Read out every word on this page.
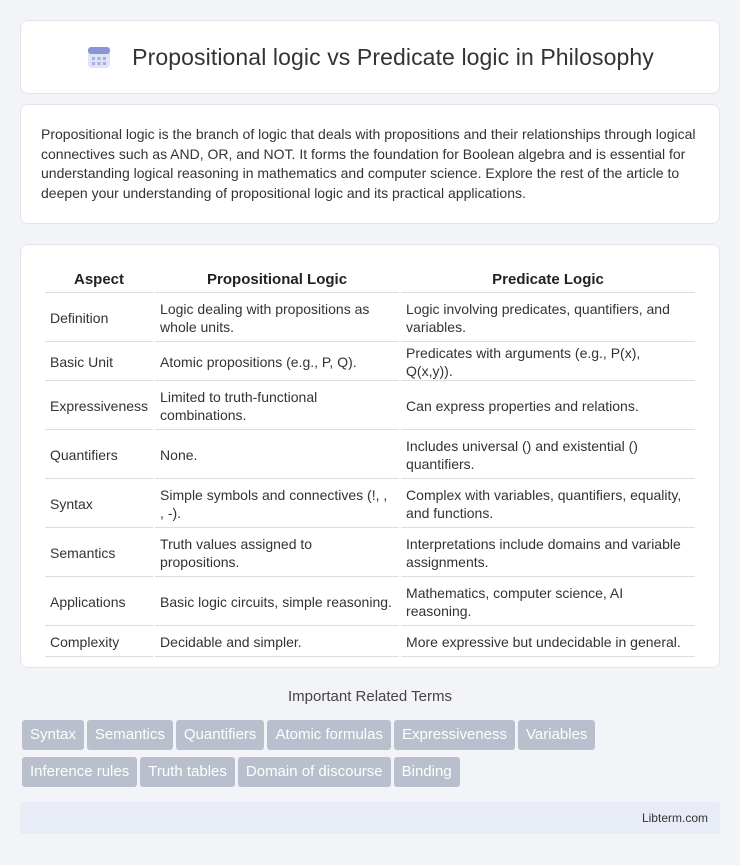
Propositional logic vs Predicate logic in Philosophy

Propositional logic is the branch of logic that deals with propositions and their relationships through logical connectives such as AND, OR, and NOT. It forms the foundation for Boolean algebra and is essential for understanding logical reasoning in mathematics and computer science. Explore the rest of the article to deepen your understanding of propositional logic and its practical applications.

Aspect	Propositional Logic	Predicate Logic
Definition	Logic dealing with propositions as whole units.	Logic involving predicates, quantifiers, and variables.
Basic Unit	Atomic propositions (e.g., P, Q).	Predicates with arguments (e.g., P(x), Q(x,y)).
Expressiveness	Limited to truth-functional combinations.	Can express properties and relations.
Quantifiers	None.	Includes universal () and existential () quantifiers.
Syntax	Simple symbols and connectives (!, , , -).	Complex with variables, quantifiers, equality, and functions.
Semantics	Truth values assigned to propositions.	Interpretations include domains and variable assignments.
Applications	Basic logic circuits, simple reasoning.	Mathematics, computer science, AI reasoning.
Complexity	Decidable and simpler.	More expressive but undecidable in general.
Important Related Terms
Syntax Semantics Quantifiers Atomic formulas Expressiveness Variables
Inference rules Truth tables Domain of discourse Binding
Libterm.com
